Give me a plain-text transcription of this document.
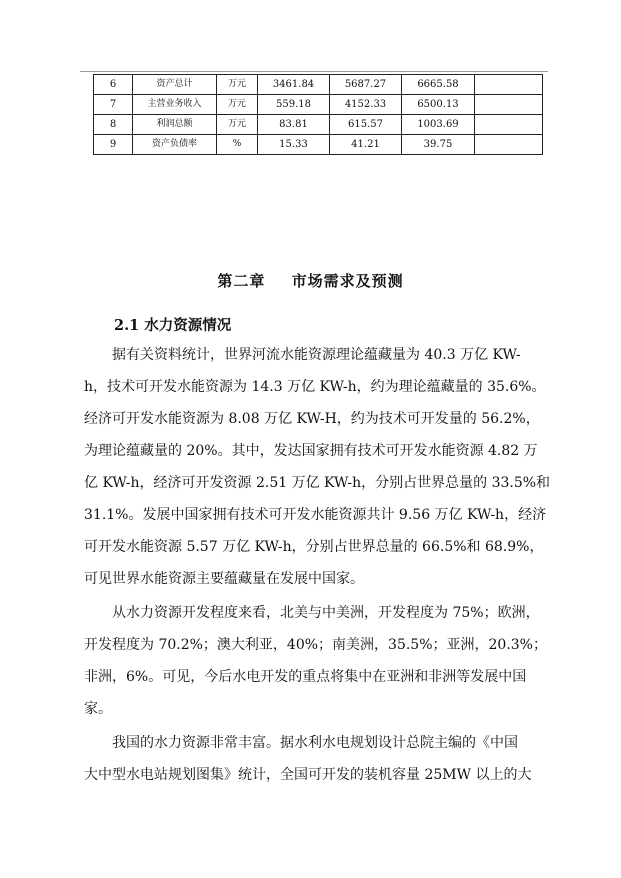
6	资产总计	万元	3461.84	5687.27	6665.58	
7	主营业务收入	万元	559.18	4152.33	6500.13	
8	利润总额	万元	83.81	615.57	1003.69	
9	资产负债率	%	15.33	41.21	39.75	
第二章 市场需求及预测
2.1 水力资源情况
　　据有关资料统计，世界河流水能资源理论蕴藏量为 40.3 万亿 KW-
h，技术可开发水能资源为 14.3 万亿 KW-h，约为理论蕴藏量的 35.6%。
经济可开发水能资源为 8.08 万亿 KW-H，约为技术可开发量的 56.2%，
为理论蕴藏量的 20%。其中，发达国家拥有技术可开发水能资源 4.82 万
亿 KW-h，经济可开发资源 2.51 万亿 KW-h，分别占世界总量的 33.5%和
31.1%。发展中国家拥有技术可开发水能资源共计 9.56 万亿 KW-h，经济
可开发水能资源 5.57 万亿 KW-h，分别占世界总量的 66.5%和 68.9%，
可见世界水能资源主要蕴藏量在发展中国家。
　　从水力资源开发程度来看，北美与中美洲，开发程度为 75%；欧洲，
开发程度为 70.2%；澳大利亚，40%；南美洲，35.5%；亚洲，20.3%；
非洲，6%。可见，今后水电开发的重点将集中在亚洲和非洲等发展中国
家。
　　我国的水力资源非常丰富。据水利水电规划设计总院主编的《中国
大中型水电站规划图集》统计，全国可开发的装机容量 25MW 以上的大
